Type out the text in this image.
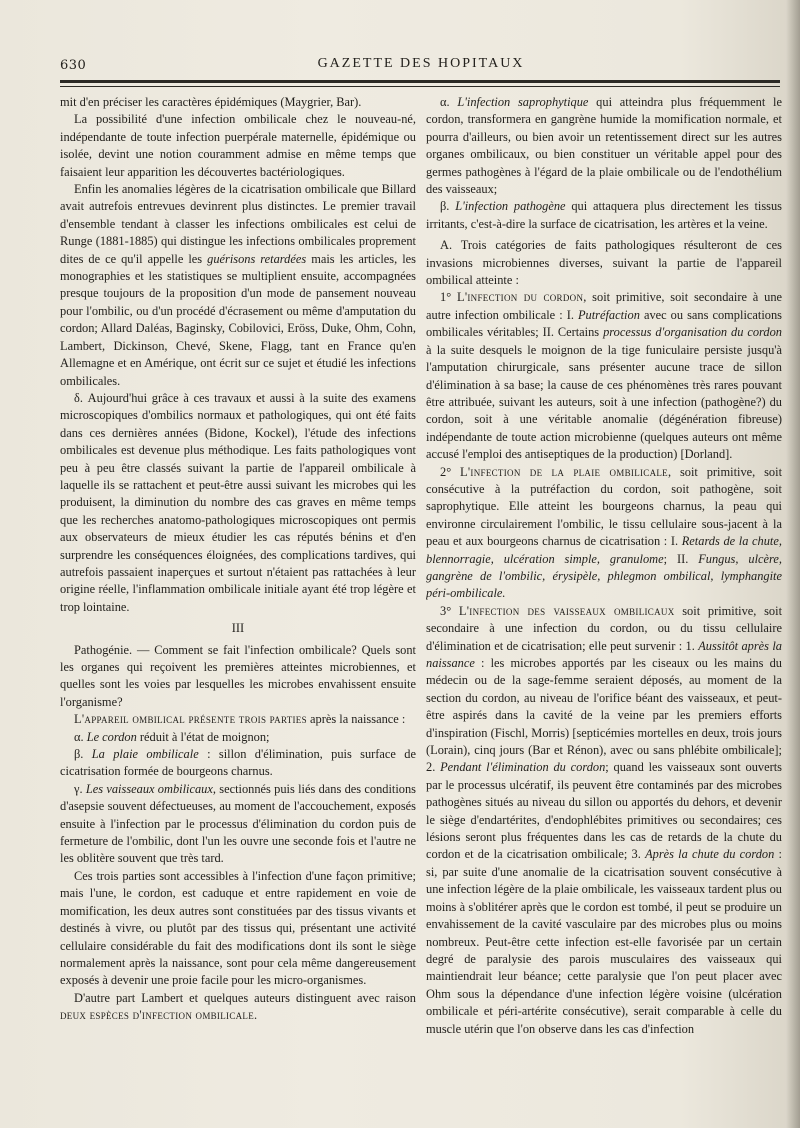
630	GAZETTE DES HOPITAUX

mit d'en préciser les caractères épidémiques (Maygrier, Bar).

La possibilité d'une infection ombilicale chez le nouveau-né, indépendante de toute infection puerpérale maternelle, épidémique ou isolée, devint une notion couramment admise en même temps que faisaient leur apparition les découvertes bactériologiques.

Enfin les anomalies légères de la cicatrisation ombilicale que Billard avait autrefois entrevues devinrent plus distinctes. Le premier travail d'ensemble tendant à classer les infections ombilicales est celui de Runge (1881-1885) qui distingue les infections ombilicales proprement dites de ce qu'il appelle les guérisons retardées mais les articles, les monographies et les statistiques se multiplient ensuite, accompagnées presque toujours de la proposition d'un mode de pansement nouveau pour l'ombilic, ou d'un procédé d'écrasement ou même d'amputation du cordon; Allard Daléas, Baginsky, Cobilovici, Eröss, Duke, Ohm, Cohn, Lambert, Dickinson, Chevé, Skene, Flagg, tant en France qu'en Allemagne et en Amérique, ont écrit sur ce sujet et étudié les infections ombilicales.

δ. Aujourd'hui grâce à ces travaux et aussi à la suite des examens microscopiques d'ombilics normaux et pathologiques, qui ont été faits dans ces dernières années (Bidone, Kockel), l'étude des infections ombilicales est devenue plus méthodique. Les faits pathologiques vont peu à peu être classés suivant la partie de l'appareil ombilicale à laquelle ils se rattachent et peut-être aussi suivant les microbes qui les produisent, la diminution du nombre des cas graves en même temps que les recherches anatomo-pathologiques microscopiques ont permis aux observateurs de mieux étudier les cas réputés bénins et d'en surprendre les conséquences éloignées, des complications tardives, qui autrefois passaient inaperçues et surtout n'étaient pas rattachées à leur origine réelle, l'inflammation ombilicale initiale ayant été trop légère et trop lointaine.

III

Pathogénie. — Comment se fait l'infection ombilicale? Quels sont les organes qui reçoivent les premières atteintes microbiennes, et quelles sont les voies par lesquelles les microbes envahissent ensuite l'organisme?

L'appareil ombilical présente trois parties après la naissance :

α. Le cordon réduit à l'état de moignon;

β. La plaie ombilicale : sillon d'élimination, puis surface de cicatrisation formée de bourgeons charnus.

γ. Les vaisseaux ombilicaux, sectionnés puis liés dans des conditions d'asepsie souvent défectueuses, au moment de l'accouchement, exposés ensuite à l'infection par le processus d'élimination du cordon puis de fermeture de l'ombilic, dont l'un les ouvre une seconde fois et l'autre ne les oblitère souvent que très tard.

Ces trois parties sont accessibles à l'infection d'une façon primitive; mais l'une, le cordon, est caduque et entre rapidement en voie de momification, les deux autres sont constituées par des tissus vivants et destinés à vivre, ou plutôt par des tissus qui, présentant une activité cellulaire considérable du fait des modifications dont ils sont le siège normalement après la naissance, sont pour cela même dangereusement exposés à devenir une proie facile pour les micro-organismes.

D'autre part Lambert et quelques auteurs distinguent avec raison deux espèces d'infection ombilicale.

α. L'infection saprophytique qui atteindra plus fréquemment le cordon, transformera en gangrène humide la momification normale, et pourra d'ailleurs, ou bien avoir un retentissement direct sur les autres organes ombilicaux, ou bien constituer un véritable appel pour des germes pathogènes à l'égard de la plaie ombilicale ou de l'endothélium des vaisseaux;

β. L'infection pathogène qui attaquera plus directement les tissus irritants, c'est-à-dire la surface de cicatrisation, les artères et la veine.

A. Trois catégories de faits pathologiques résulteront de ces invasions microbiennes diverses, suivant la partie de l'appareil ombilical atteinte :

1° L'infection du cordon, soit primitive, soit secondaire à une autre infection ombilicale : I. Putréfaction avec ou sans complications ombilicales véritables; II. Certains processus d'organisation du cordon à la suite desquels le moignon de la tige funiculaire persiste jusqu'à l'amputation chirurgicale, sans présenter aucune trace de sillon d'élimination à sa base; la cause de ces phénomènes très rares pouvant être attribuée, suivant les auteurs, soit à une infection (pathogène?) du cordon, soit à une véritable anomalie (dégénération fibreuse) indépendante de toute action microbienne (quelques auteurs ont même accusé l'emploi des antiseptiques de la production) [Dorland].

2° L'infection de la plaie ombilicale, soit primitive, soit consécutive à la putréfaction du cordon, soit pathogène, soit saprophytique. Elle atteint les bourgeons charnus, la peau qui environne circulairement l'ombilic, le tissu cellulaire sous-jacent à la peau et aux bourgeons charnus de cicatrisation : I. Retards de la chute, blennorragie, ulcération simple, granulome; II. Fungus, ulcère, gangrène de l'ombilic, érysipèle, phlegmon ombilical, lymphangite péri-ombilicale.

3° L'infection des vaisseaux ombilicaux soit primitive, soit secondaire à une infection du cordon, ou du tissu cellulaire d'élimination et de cicatrisation; elle peut survenir : 1. Aussitôt après la naissance : les microbes apportés par les ciseaux ou les mains du médecin ou de la sage-femme seraient déposés, au moment de la section du cordon, au niveau de l'orifice béant des vaisseaux, et peut-être aspirés dans la cavité de la veine par les premiers efforts d'inspiration (Fischl, Morris) [septicémies mortelles en deux, trois jours (Lorain), cinq jours (Bar et Rénon), avec ou sans phlébite ombilicale]; 2. Pendant l'élimination du cordon; quand les vaisseaux sont ouverts par le processus ulcératif, ils peuvent être contaminés par des microbes pathogènes situés au niveau du sillon ou apportés du dehors, et devenir le siège d'endartérites, d'endophlébites primitives ou secondaires; ces lésions seront plus fréquentes dans les cas de retards de la chute du cordon et de la cicatrisation ombilicale; 3. Après la chute du cordon : si, par suite d'une anomalie de la cicatrisation souvent consécutive à une infection légère de la plaie ombilicale, les vaisseaux tardent plus ou moins à s'oblitérer après que le cordon est tombé, il peut se produire un envahissement de la cavité vasculaire par des microbes plus ou moins nombreux. Peut-être cette infection est-elle favorisée par un certain degré de paralysie des parois musculaires des vaisseaux qui maintiendrait leur béance; cette paralysie que l'on peut placer avec Ohm sous la dépendance d'une infection légère voisine (ulcération ombilicale et péri-artérite consécutive), serait comparable à celle du muscle utérin que l'on observe dans les cas d'infection
